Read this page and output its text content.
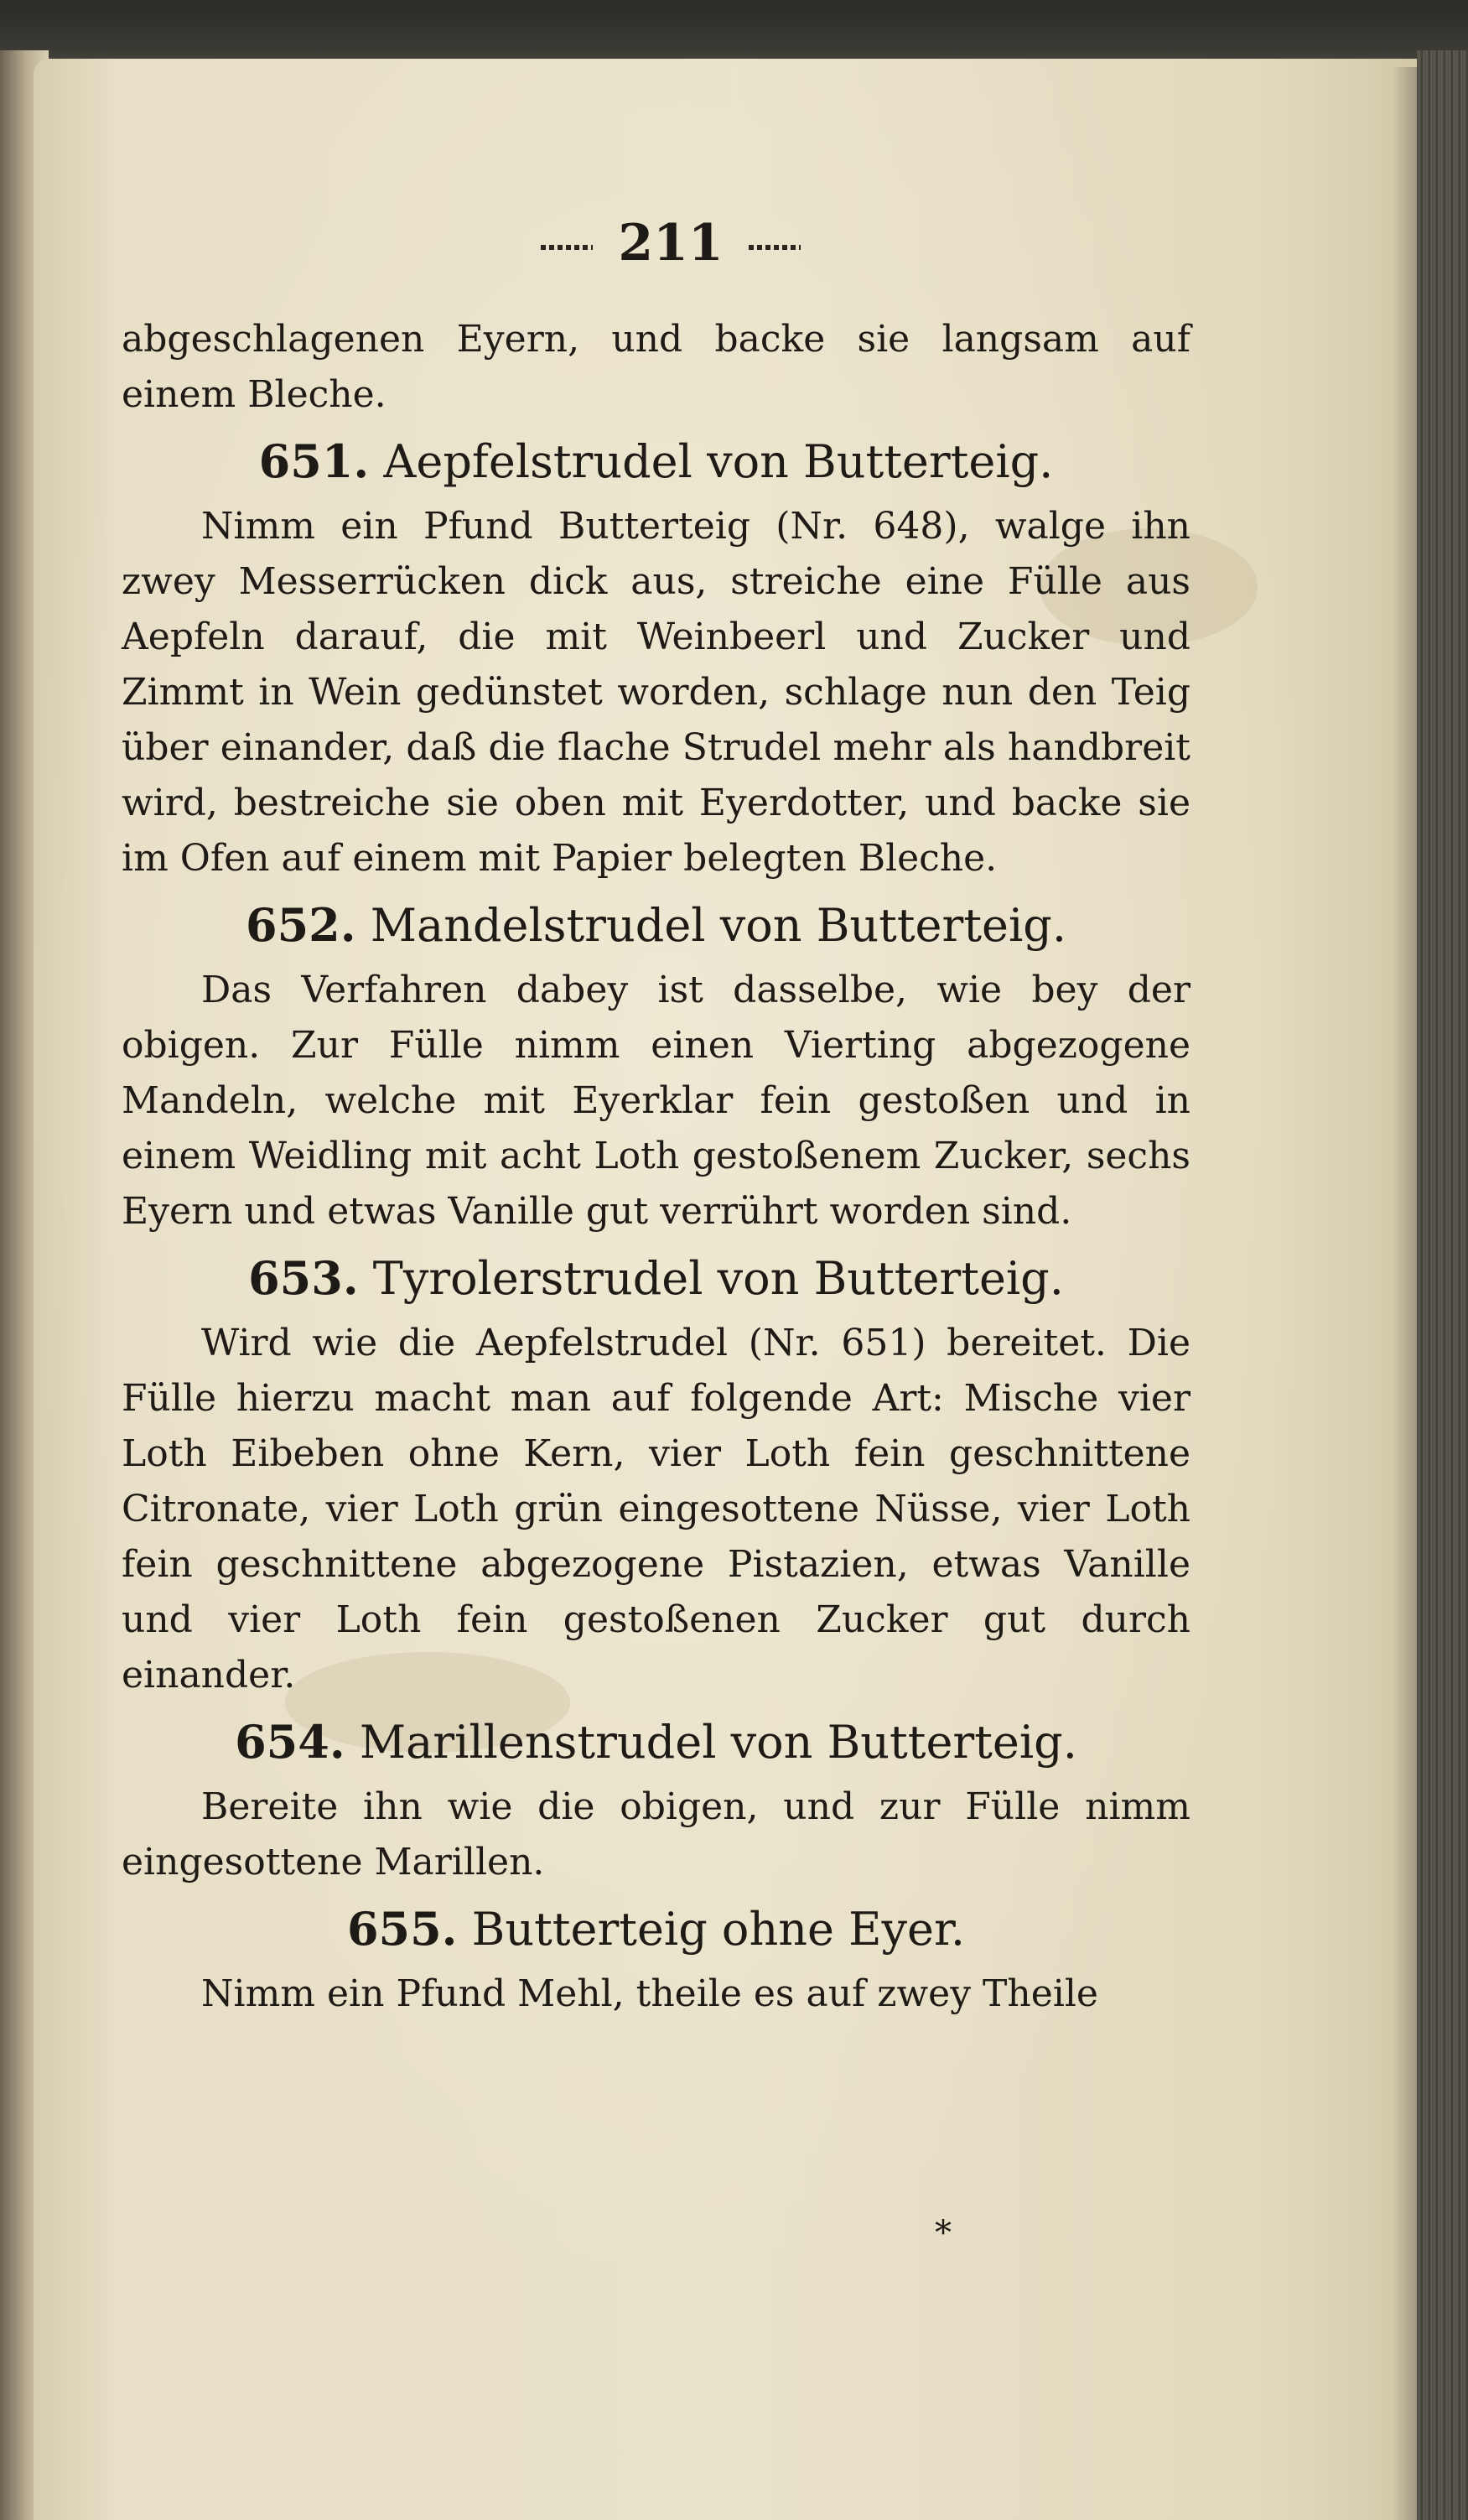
211

abgeschlagenen Eyern, und backe sie langsam auf einem Bleche.

651. Aepfelstrudel von Butterteig.

Nimm ein Pfund Butterteig (Nr. 648), walge ihn zwey Messerrücken dick aus, streiche eine Fülle aus Aepfeln darauf, die mit Weinbeerl und Zucker und Zimmt in Wein gedünstet worden, schlage nun den Teig über einander, daß die flache Strudel mehr als handbreit wird, bestreiche sie oben mit Eyerdotter, und backe sie im Ofen auf einem mit Papier belegten Bleche.

652. Mandelstrudel von Butterteig.

Das Verfahren dabey ist dasselbe, wie bey der obigen. Zur Fülle nimm einen Vierting abgezogene Mandeln, welche mit Eyerklar fein gestoßen und in einem Weidling mit acht Loth gestoßenem Zucker, sechs Eyern und etwas Vanille gut verrührt worden sind.

653. Tyrolerstrudel von Butterteig.

Wird wie die Aepfelstrudel (Nr. 651) bereitet. Die Fülle hierzu macht man auf folgende Art: Mische vier Loth Eibeben ohne Kern, vier Loth fein geschnittene Citronate, vier Loth grün eingesottene Nüsse, vier Loth fein geschnittene abgezogene Pistazien, etwas Vanille und vier Loth fein gestoßenen Zucker gut durch einander.

654. Marillenstrudel von Butterteig.

Bereite ihn wie die obigen, und zur Fülle nimm eingesottene Marillen.

655. Butterteig ohne Eyer.

Nimm ein Pfund Mehl, theile es auf zwey Theile

*
